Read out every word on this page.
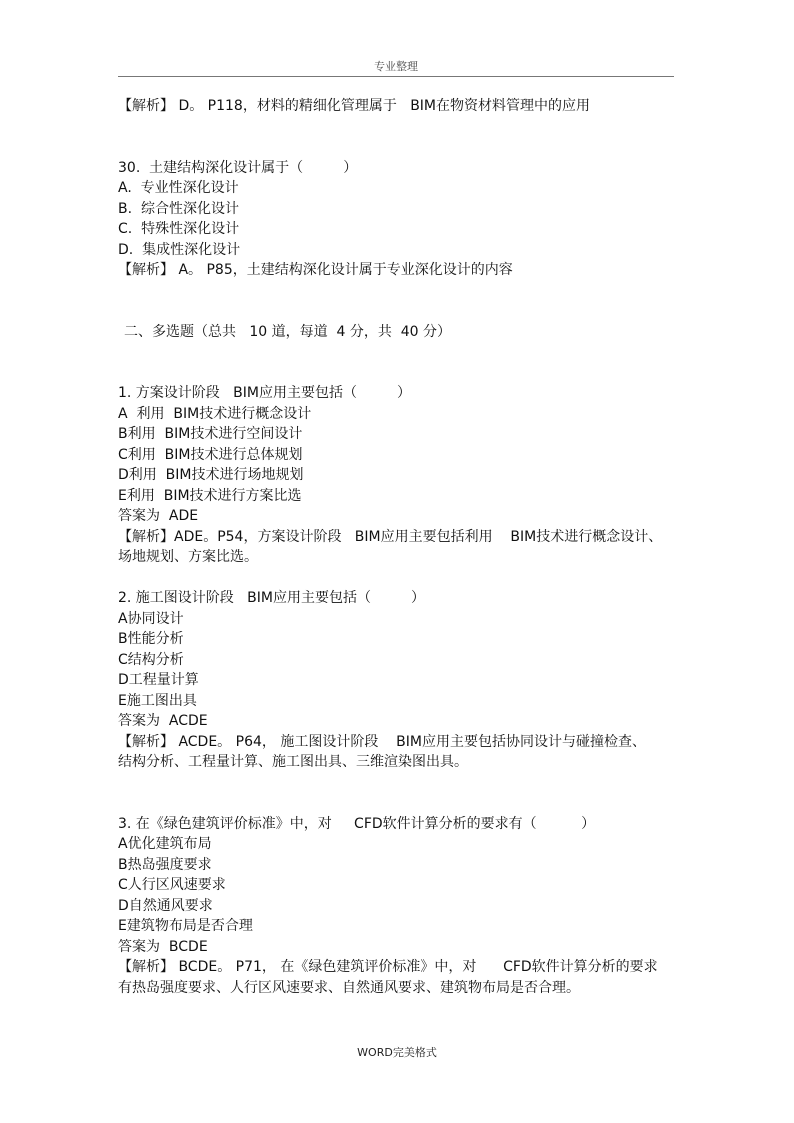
专业整理
【解析】 D。 P118，材料的精细化管理属于   BIM在物资材料管理中的应用
30.  土建结构深化设计属于（         ）
A.  专业性深化设计
B.  综合性深化设计
C.  特殊性深化设计
D.  集成性深化设计
【解析】 A。 P85，土建结构深化设计属于专业深化设计的内容
二、多选题（总共   10 道，每道  4 分，共  40 分）
1. 方案设计阶段   BIM应用主要包括（         ）
A  利用  BIM技术进行概念设计
B利用  BIM技术进行空间设计
C利用  BIM技术进行总体规划
D利用  BIM技术进行场地规划
E利用  BIM技术进行方案比选
答案为  ADE
【解析】ADE。P54，方案设计阶段   BIM应用主要包括利用    BIM技术进行概念设计、
场地规划、方案比选。
2. 施工图设计阶段   BIM应用主要包括（         ）
A协同设计
B性能分析
C结构分析
D工程量计算
E施工图出具
答案为  ACDE
【解析】 ACDE。 P64， 施工图设计阶段    BIM应用主要包括协同设计与碰撞检查、
结构分析、工程量计算、施工图出具、三维渲染图出具。
3. 在《绿色建筑评价标准》中，对     CFD软件计算分析的要求有（          ）
A优化建筑布局
B热岛强度要求
C人行区风速要求
D自然通风要求
E建筑物布局是否合理
答案为  BCDE
【解析】 BCDE。 P71， 在《绿色建筑评价标准》中，对      CFD软件计算分析的要求
有热岛强度要求、人行区风速要求、自然通风要求、建筑物布局是否合理。
WORD完美格式
